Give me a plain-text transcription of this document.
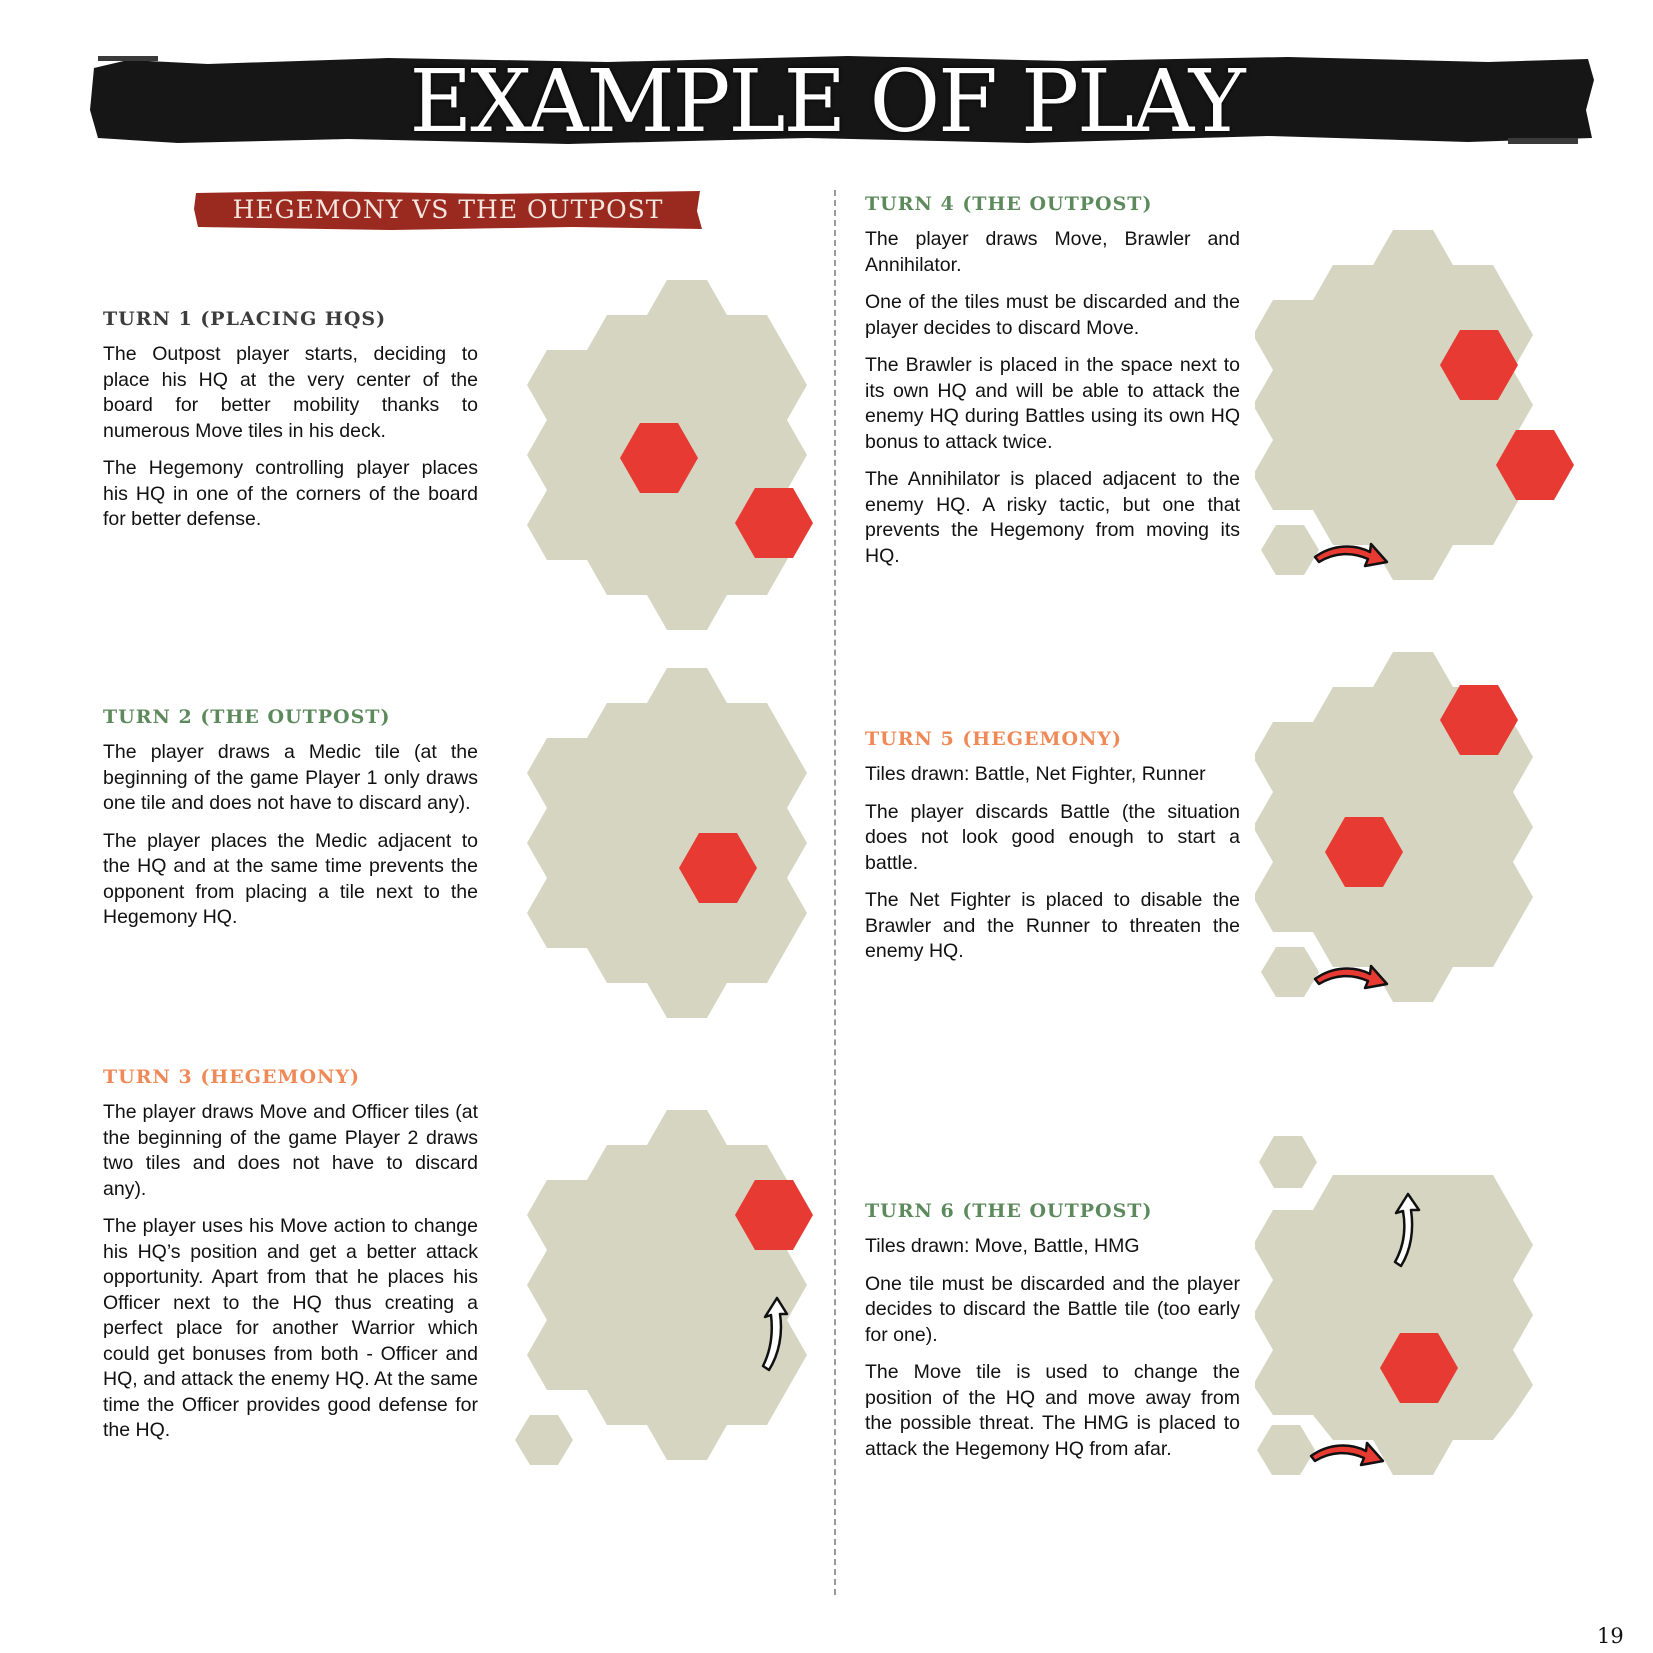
EXAMPLE OF PLAY
HEGEMONY VS THE OUTPOST
TURN 1 (PLACING HQS)

The Outpost player starts, deciding to place his HQ at the very center of the board for better mobility thanks to numerous Move tiles in his deck.

The Hegemony controlling player places his HQ in one of the corners of the board for better defense.

TURN 2 (THE OUTPOST)

The player draws a Medic tile (at the beginning of the game Player 1 only draws one tile and does not have to discard any).

The player places the Medic adjacent to the HQ and at the same time prevents the opponent from placing a tile next to the Hegemony HQ.

TURN 3 (HEGEMONY)

The player draws Move and Officer tiles (at the beginning of the game Player 2 draws two tiles and does not have to discard any).

The player uses his Move action to change his HQ’s position and get a better attack opportunity. Apart from that he places his Officer next to the HQ thus creating a perfect place for another Warrior which could get bonuses from both - Officer and HQ, and attack the enemy HQ. At the same time the Officer provides good defense for the HQ.

TURN 4 (THE OUTPOST)

The player draws Move, Brawler and Annihilator.

One of the tiles must be discarded and the player decides to discard Move.

The Brawler is placed in the space next to its own HQ and will be able to attack the enemy HQ during Battles using its own HQ bonus to attack twice.

The Annihilator is placed adjacent to the enemy HQ. A risky tactic, but one that prevents the Hegemony from moving its HQ.

TURN 5 (HEGEMONY)

Tiles drawn: Battle, Net Fighter, Runner

The player discards Battle (the situation does not look good enough to start a battle.

The Net Fighter is placed to disable the Brawler and the Runner to threaten the enemy HQ.

TURN 6 (THE OUTPOST)

Tiles drawn: Move, Battle, HMG

One tile must be discarded and the player decides to discard the Battle tile (too early for one).

The Move tile is used to change the position of the HQ and move away from the possible threat. The HMG is placed to attack the Hegemony HQ from afar.

19
